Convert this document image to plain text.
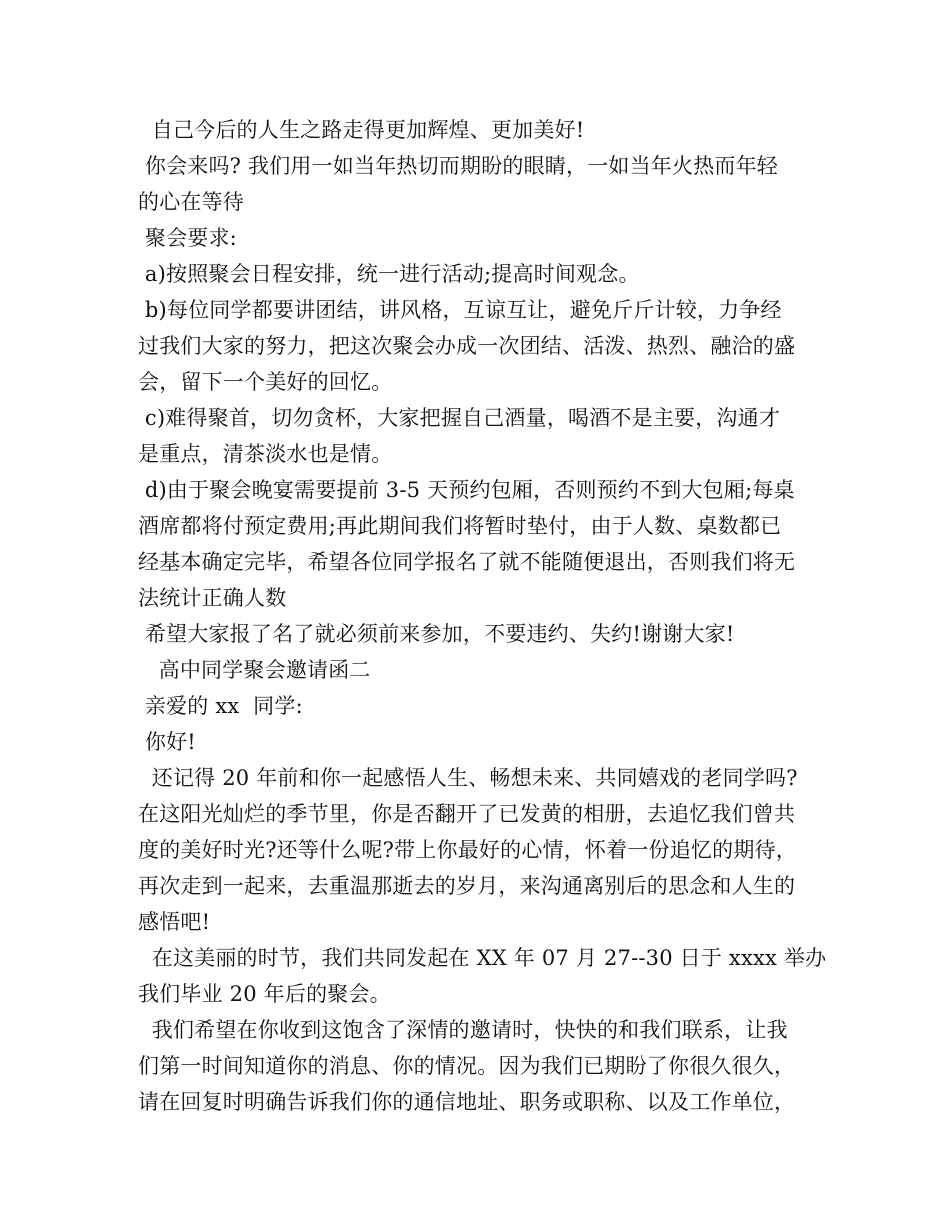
自己今后的人生之路走得更加辉煌、更加美好!
你会来吗? 我们用一如当年热切而期盼的眼睛，一如当年火热而年轻
的心在等待
聚会要求:
a)按照聚会日程安排，统一进行活动;提高时间观念。
b)每位同学都要讲团结，讲风格，互谅互让，避免斤斤计较，力争经
过我们大家的努力，把这次聚会办成一次团结、活泼、热烈、融洽的盛
会，留下一个美好的回忆。
c)难得聚首，切勿贪杯，大家把握自己酒量，喝酒不是主要，沟通才
是重点，清茶淡水也是情。
d)由于聚会晚宴需要提前 3-5 天预约包厢，否则预约不到大包厢;每桌
酒席都将付预定费用;再此期间我们将暂时垫付，由于人数、桌数都已
经基本确定完毕，希望各位同学报名了就不能随便退出，否则我们将无
法统计正确人数
希望大家报了名了就必须前来参加，不要违约、失约!谢谢大家!
高中同学聚会邀请函二
亲爱的 xx  同学:
你好!
还记得 20 年前和你一起感悟人生、畅想未来、共同嬉戏的老同学吗?
在这阳光灿烂的季节里，你是否翻开了已发黄的相册，去追忆我们曾共
度的美好时光?还等什么呢?带上你最好的心情，怀着一份追忆的期待，
再次走到一起来，去重温那逝去的岁月，来沟通离别后的思念和人生的
感悟吧!
在这美丽的时节，我们共同发起在 XX 年 07 月 27--30 日于 xxxx 举办
我们毕业 20 年后的聚会。
我们希望在你收到这饱含了深情的邀请时，快快的和我们联系，让我
们第一时间知道你的消息、你的情况。因为我们已期盼了你很久很久，
请在回复时明确告诉我们你的通信地址、职务或职称、以及工作单位，
